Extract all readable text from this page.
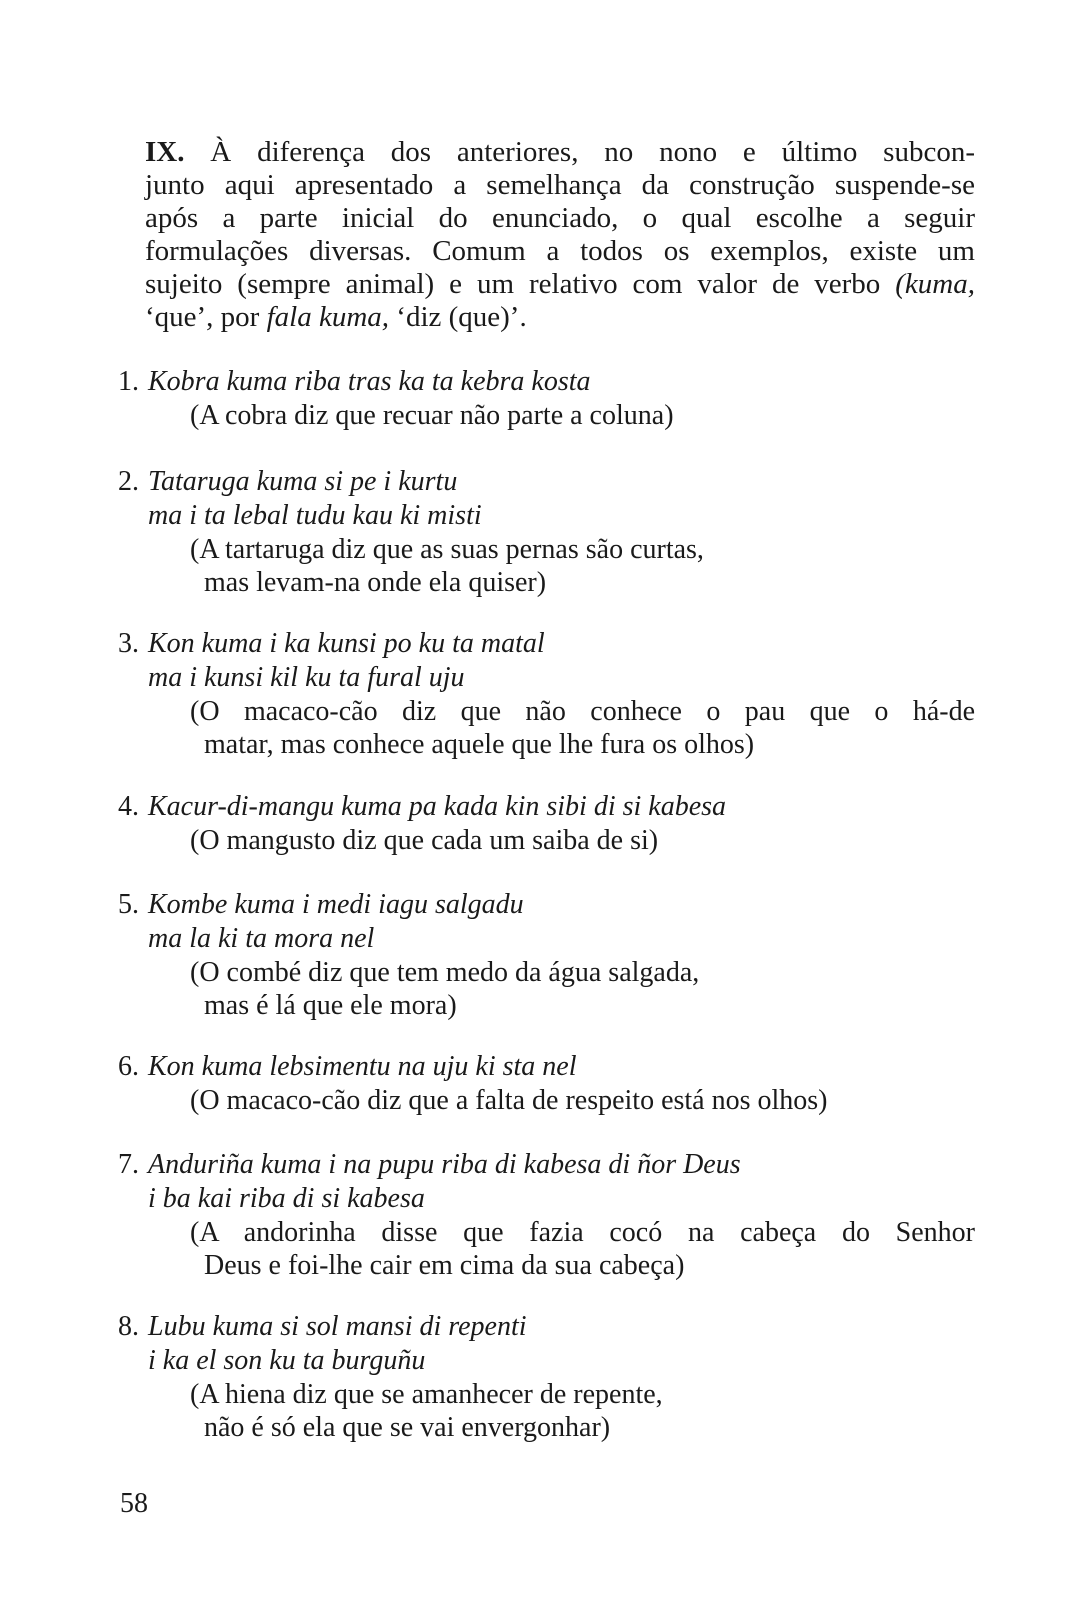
IX. À diferença dos anteriores, no nono e último subcon-
junto aqui apresentado a semelhança da construção suspende-se
após a parte inicial do enunciado, o qual escolhe a seguir
formulações diversas. Comum a todos os exemplos, existe um
sujeito (sempre animal) e um relativo com valor de verbo (kuma,
‘que’, por fala kuma, ‘diz (que)’.
1. Kobra kuma riba tras ka ta kebra kosta
(A cobra diz que recuar não parte a coluna)
2. Tataruga kuma si pe i kurtu
ma i ta lebal tudu kau ki misti
(A tartaruga diz que as suas pernas são curtas,
mas levam-na onde ela quiser)
3. Kon kuma i ka kunsi po ku ta matal
ma i kunsi kil ku ta fural uju
(O macaco-cão diz que não conhece o pau que o há-de
matar, mas conhece aquele que lhe fura os olhos)
4. Kacur-di-mangu kuma pa kada kin sibi di si kabesa
(O mangusto diz que cada um saiba de si)
5. Kombe kuma i medi iagu salgadu
ma la ki ta mora nel
(O combé diz que tem medo da água salgada,
mas é lá que ele mora)
6. Kon kuma lebsimentu na uju ki sta nel
(O macaco-cão diz que a falta de respeito está nos olhos)
7. Anduriña kuma i na pupu riba di kabesa di ñor Deus
i ba kai riba di si kabesa
(A andorinha disse que fazia cocó na cabeça do Senhor
Deus e foi-lhe cair em cima da sua cabeça)
8. Lubu kuma si sol mansi di repenti
i ka el son ku ta burguñu
(A hiena diz que se amanhecer de repente,
não é só ela que se vai envergonhar)
58
